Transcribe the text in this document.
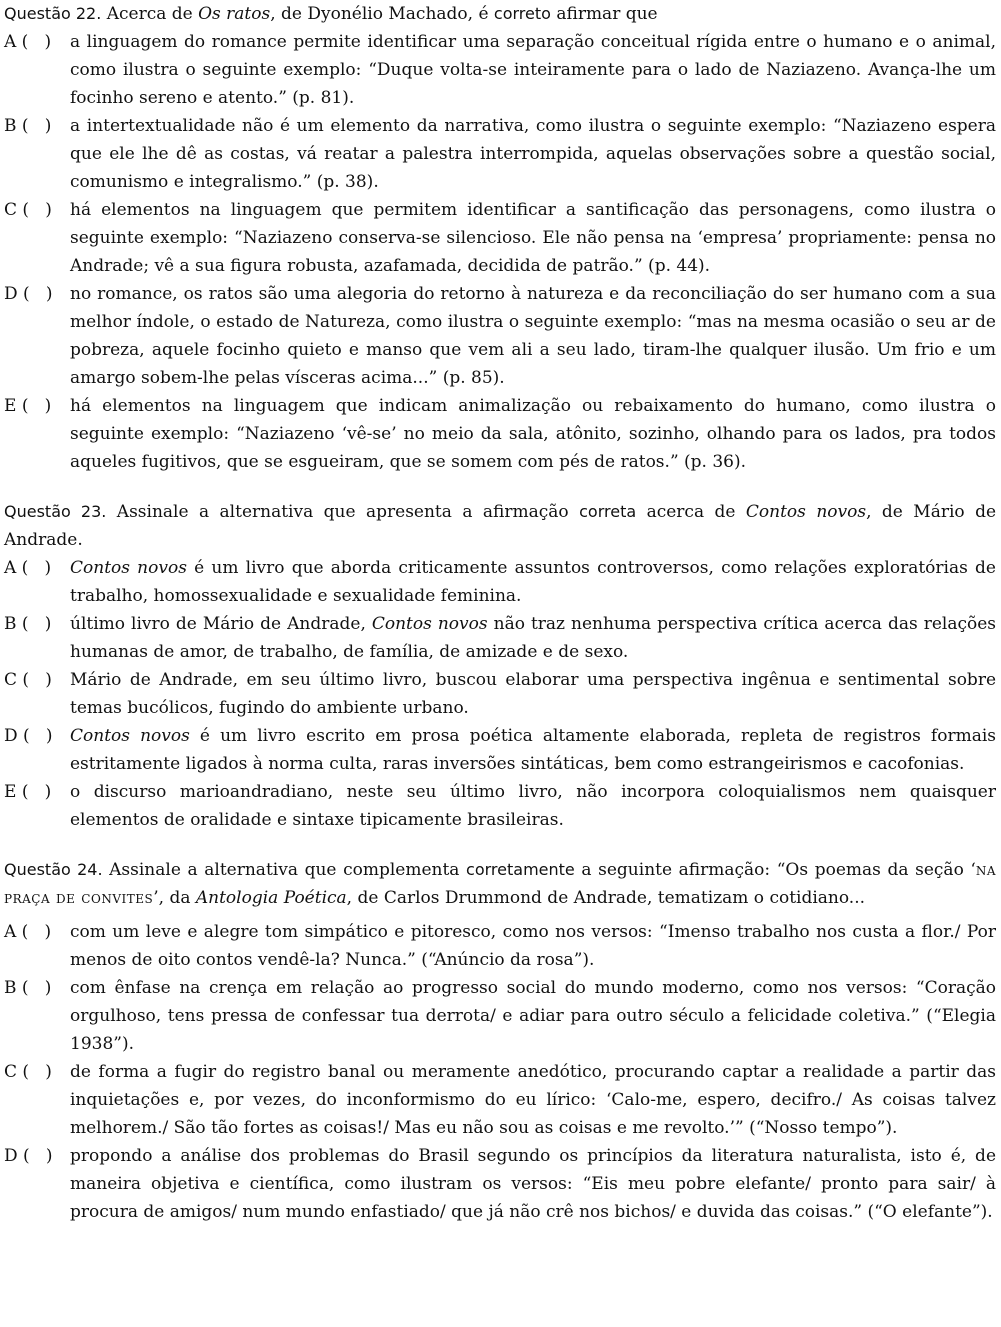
Questão 22. Acerca de Os ratos, de Dyonélio Machado, é correto afirmar que
A (   )	a linguagem do romance permite identificar uma separação conceitual rígida entre o humano e o animal, como ilustra o seguinte exemplo: “Duque volta-se inteiramente para o lado de Naziazeno. Avança-lhe um focinho sereno e atento.” (p. 81).
B (   )	a intertextualidade não é um elemento da narrativa, como ilustra o seguinte exemplo: “Naziazeno espera que ele lhe dê as costas, vá reatar a palestra interrompida, aquelas observações sobre a questão social, comunismo e integralismo.” (p. 38).
C (   )	há elementos na linguagem que permitem identificar a santificação das personagens, como ilustra o seguinte exemplo: “Naziazeno conserva-se silencioso. Ele não pensa na ‘empresa’ propriamente: pensa no Andrade; vê a sua figura robusta, azafamada, decidida de patrão.” (p. 44).
D (   )	no romance, os ratos são uma alegoria do retorno à natureza e da reconciliação do ser humano com a sua melhor índole, o estado de Natureza, como ilustra o seguinte exemplo: “mas na mesma ocasião o seu ar de pobreza, aquele focinho quieto e manso que vem ali a seu lado, tiram-lhe qualquer ilusão. Um frio e um amargo sobem-lhe pelas vísceras acima...” (p. 85).
E (   )	há elementos na linguagem que indicam animalização ou rebaixamento do humano, como ilustra o seguinte exemplo: “Naziazeno ‘vê-se’ no meio da sala, atônito, sozinho, olhando para os lados, pra todos aqueles fugitivos, que se esgueiram, que se somem com pés de ratos.” (p. 36).
Questão 23. Assinale a alternativa que apresenta a afirmação correta acerca de Contos novos, de Mário de Andrade.
A (   )	Contos novos é um livro que aborda criticamente assuntos controversos, como relações exploratórias de trabalho, homossexualidade e sexualidade feminina.
B (   )	último livro de Mário de Andrade, Contos novos não traz nenhuma perspectiva crítica acerca das relações humanas de amor, de trabalho, de família, de amizade e de sexo.
C (   )	Mário de Andrade, em seu último livro, buscou elaborar uma perspectiva ingênua e sentimental sobre temas bucólicos, fugindo do ambiente urbano.
D (   )	Contos novos é um livro escrito em prosa poética altamente elaborada, repleta de registros formais estritamente ligados à norma culta, raras inversões sintáticas, bem como estrangeirismos e cacofonias.
E (   )	o discurso marioandradiano, neste seu último livro, não incorpora coloquialismos nem quaisquer elementos de oralidade e sintaxe tipicamente brasileiras.
Questão 24. Assinale a alternativa que complementa corretamente a seguinte afirmação: “Os poemas da seção ‘na praça de convites’, da Antologia Poética, de Carlos Drummond de Andrade, tematizam o cotidiano...
A (   )	com um leve e alegre tom simpático e pitoresco, como nos versos: “Imenso trabalho nos custa a flor./ Por menos de oito contos vendê-la? Nunca.” (“Anúncio da rosa”).
B (   )	com ênfase na crença em relação ao progresso social do mundo moderno, como nos versos: “Coração orgulhoso, tens pressa de confessar tua derrota/ e adiar para outro século a felicidade coletiva.” (“Elegia 1938”).
C (   )	de forma a fugir do registro banal ou meramente anedótico, procurando captar a realidade a partir das inquietações e, por vezes, do inconformismo do eu lírico: ‘Calo-me, espero, decifro./ As coisas talvez melhorem./ São tão fortes as coisas!/ Mas eu não sou as coisas e me revolto.’” (“Nosso tempo”).
D (   )	propondo a análise dos problemas do Brasil segundo os princípios da literatura naturalista, isto é, de maneira objetiva e científica, como ilustram os versos: “Eis meu pobre elefante/ pronto para sair/ à procura de amigos/ num mundo enfastiado/ que já não crê nos bichos/ e duvida das coisas.” (“O elefante”).
